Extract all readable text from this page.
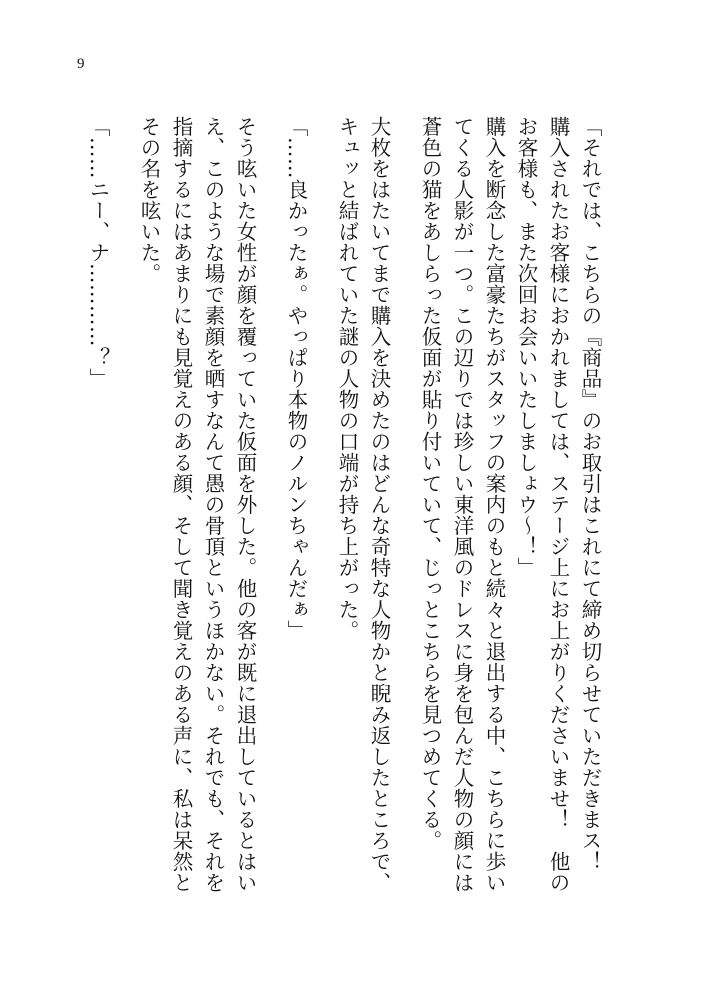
9

「それでは、こちらの『商品』のお取引はこれにて締め切らせていただきまス！　購入されたお客様におかれましては、ステージ上にお上がりくださいませ！　他のお客様も、また次回お会いいたしましょウ～！」

購入を断念した富豪たちがスタッフの案内のもと続々と退出する中、こちらに歩いてくる人影が一つ。この辺りでは珍しい東洋風のドレスに身を包んだ人物の顔には蒼色の猫をあしらった仮面が貼り付いていて、じっとこちらを見つめてくる。

大枚をはたいてまで購入を決めたのはどんな奇特な人物かと睨み返したところで、キュッと結ばれていた謎の人物の口端が持ち上がった。

「……良かったぁ。やっぱり本物のノルンちゃんだぁ」

そう呟いた女性が顔を覆っていた仮面を外した。他の客が既に退出しているとはいえ、このような場で素顔を晒すなんて愚の骨頂というほかない。それでも、それを指摘するにはあまりにも見覚えのある顔、そして聞き覚えのある声に、私は呆然とその名を呟いた。

「……ニー、ナ…………？」
